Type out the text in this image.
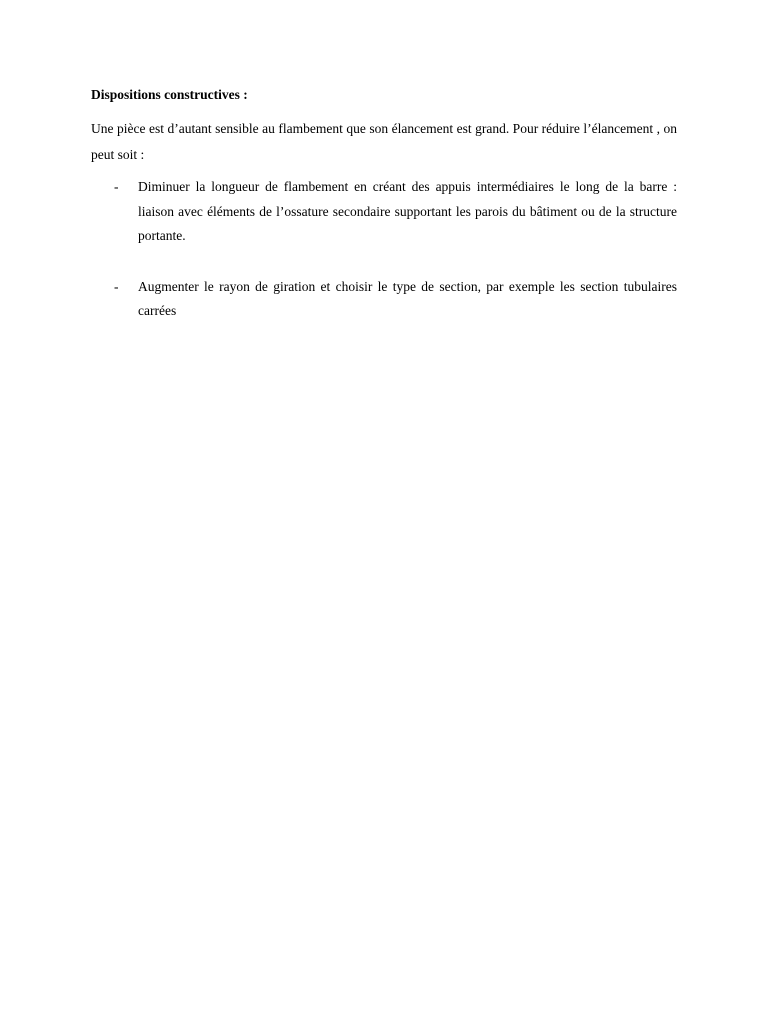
Dispositions constructives :

Une pièce est d’autant sensible au flambement que son élancement est grand. Pour réduire l’élancement , on peut soit :

- Diminuer la longueur de flambement en créant des appuis intermédiaires le long de la barre : liaison avec éléments de l’ossature secondaire supportant les parois du bâtiment ou de la structure portante.
- Augmenter le rayon de giration et choisir le type de section, par exemple les section tubulaires carrées
